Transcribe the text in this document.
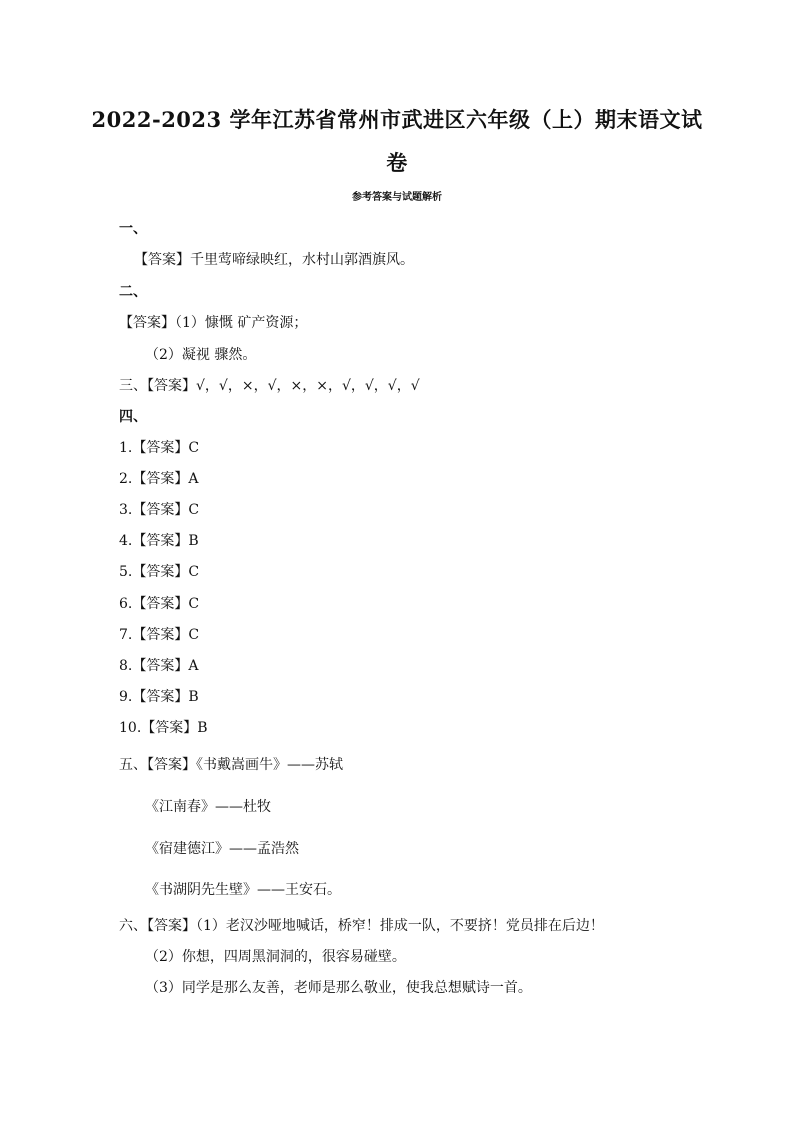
2022-2023 学年江苏省常州市武进区六年级（上）期末语文试
卷
参考答案与试题解析
一、
【答案】千里莺啼绿映红，水村山郭酒旗风。
二、
【答案】（1）慷慨 矿产资源；
（2）凝视 骤然。
三、【答案】√，√，×，√，×，×，√，√，√，√
四、
1.【答案】C
2.【答案】A
3.【答案】C
4.【答案】B
5.【答案】C
6.【答案】C
7.【答案】C
8.【答案】A
9.【答案】B
10.【答案】B
五、【答案】《书戴嵩画牛》——苏轼
《江南春》——杜牧
《宿建德江》——孟浩然
《书湖阴先生壁》——王安石。
六、【答案】（1）老汉沙哑地喊话，桥窄！排成一队，不要挤！党员排在后边！
（2）你想，四周黑洞洞的，很容易碰壁。
（3）同学是那么友善，老师是那么敬业，使我总想赋诗一首。
